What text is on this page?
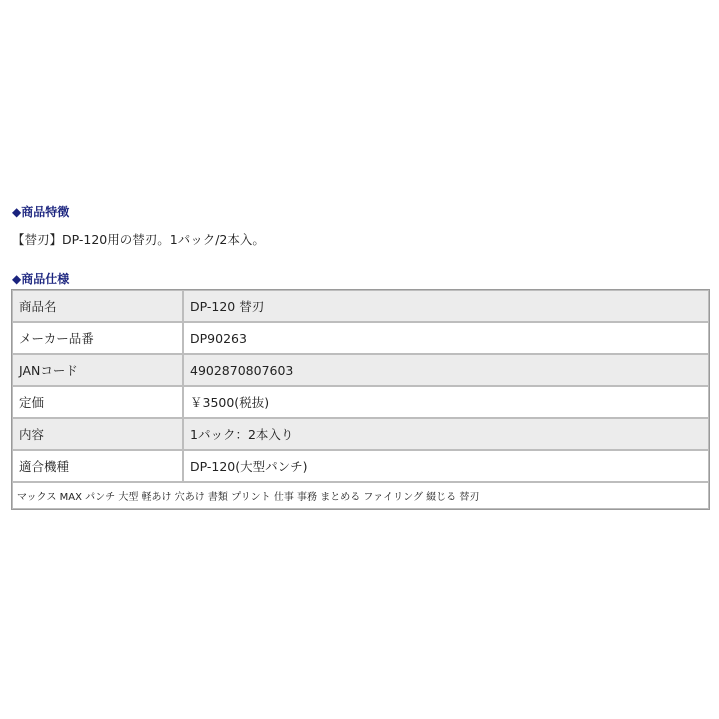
◆商品特徴
【替刃】DP-120用の替刃。1パック/2本入。
◆商品仕様
商品名	DP-120 替刃
メーカー品番	DP90263
JANコード	4902870807603
定価	￥3500(税抜)
内容	1パック：2本入り
適合機種	DP-120(大型パンチ)
マックス MAX パンチ 大型 軽あけ 穴あけ 書類 プリント 仕事 事務 まとめる ファイリング 綴じる 替刃	
